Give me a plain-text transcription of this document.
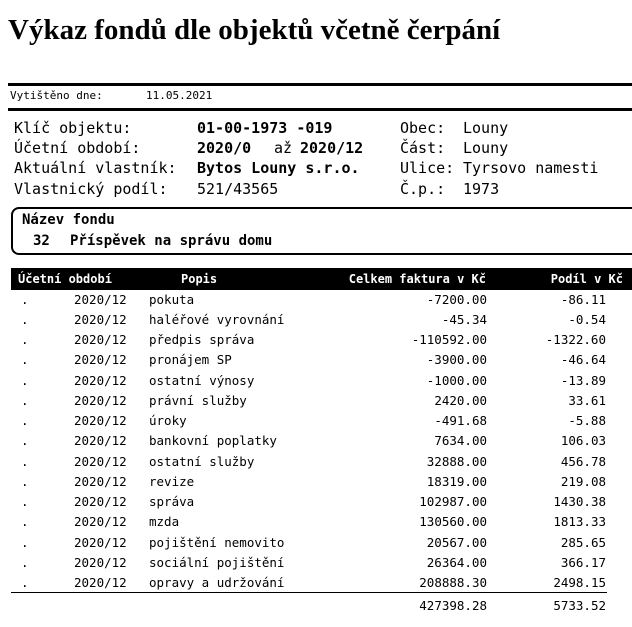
Výkaz fondů dle objektů včetně čerpání
Vytištěno dne:	11.05.2021
Klíč objektu:	01-00-1973 -019
Účetní období:	2020/0 až 2020/12
Aktuální vlastník: Bytos Louny s.r.o.
Vlastnický podíl: 521/43565
Obec: Louny
Část: Louny
Ulice: Tyrsovo namesti
Č.p.: 1973
Název fondu
32 Příspěvek na správu domu
Účetní období	Popis	Celkem faktura v Kč	Podíl v Kč
.	2020/12 pokuta	-7200.00	-86.11
.	2020/12 haléřové vyrovnání	-45.34	-0.54
.	2020/12 předpis správa	-110592.00	-1322.60
.	2020/12 pronájem SP	-3900.00	-46.64
.	2020/12 ostatní výnosy	-1000.00	-13.89
.	2020/12 právní služby	2420.00	33.61
.	2020/12 úroky	-491.68	-5.88
.	2020/12 bankovní poplatky	7634.00	106.03
.	2020/12 ostatní služby	32888.00	456.78
.	2020/12 revize	18319.00	219.08
.	2020/12 správa	102987.00	1430.38
.	2020/12 mzda	130560.00	1813.33
.	2020/12 pojištění nemovito	20567.00	285.65
.	2020/12 sociální pojištění	26364.00	366.17
.	2020/12 opravy a udržování	208888.30	2498.15
427398.28	5733.52
